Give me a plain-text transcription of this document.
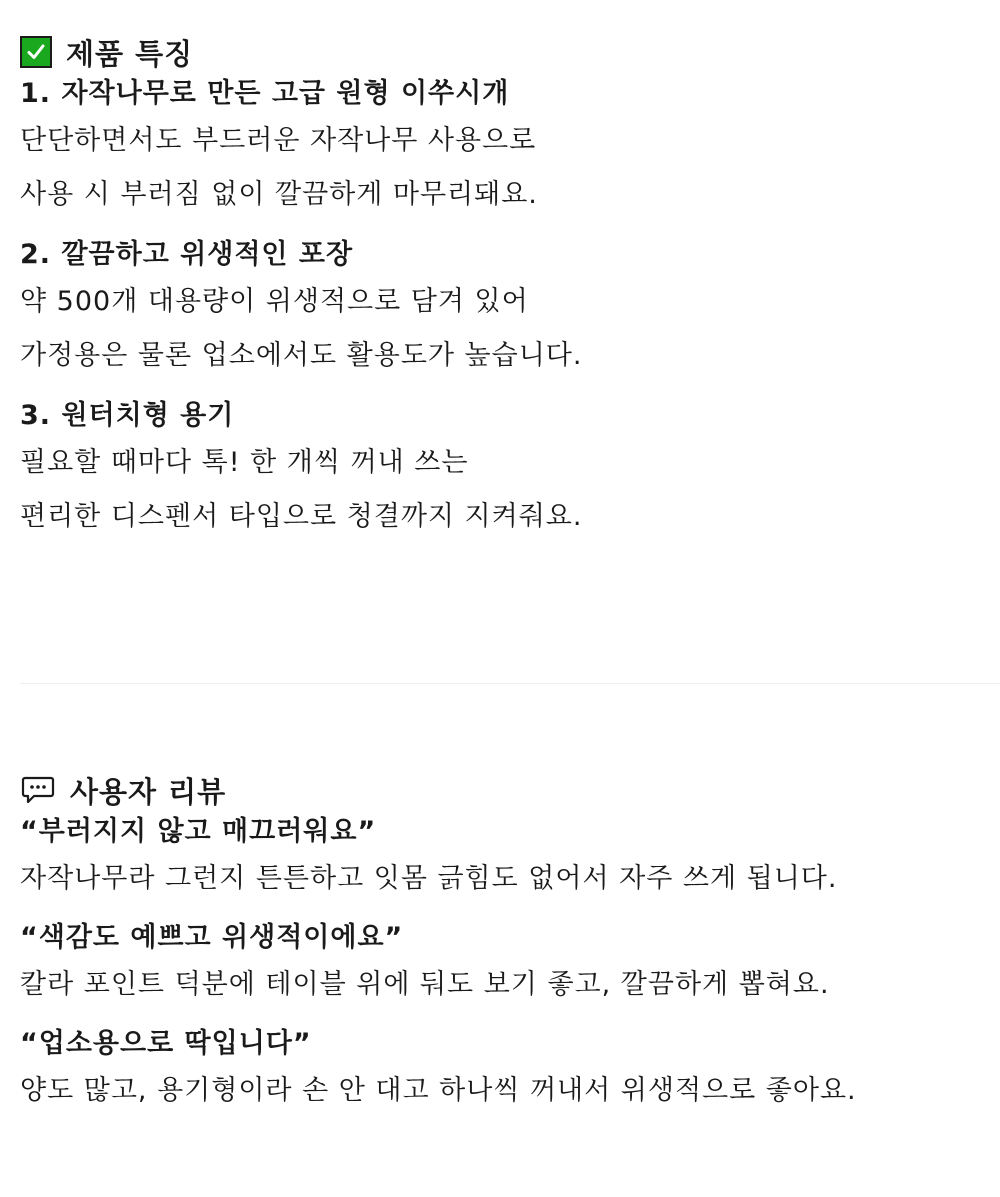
제품 특징

1. 자작나무로 만든 고급 원형 이쑤시개

단단하면서도 부드러운 자작나무 사용으로

사용 시 부러짐 없이 깔끔하게 마무리돼요.

2. 깔끔하고 위생적인 포장

약 500개 대용량이 위생적으로 담겨 있어

가정용은 물론 업소에서도 활용도가 높습니다.

3. 원터치형 용기

필요할 때마다 톡! 한 개씩 꺼내 쓰는

편리한 디스펜서 타입으로 청결까지 지켜줘요.

사용자 리뷰

“부러지지 않고 매끄러워요”

자작나무라 그런지 튼튼하고 잇몸 긁힘도 없어서 자주 쓰게 됩니다.

“색감도 예쁘고 위생적이에요”

칼라 포인트 덕분에 테이블 위에 둬도 보기 좋고, 깔끔하게 뽑혀요.

“업소용으로 딱입니다”

양도 많고, 용기형이라 손 안 대고 하나씩 꺼내서 위생적으로 좋아요.
